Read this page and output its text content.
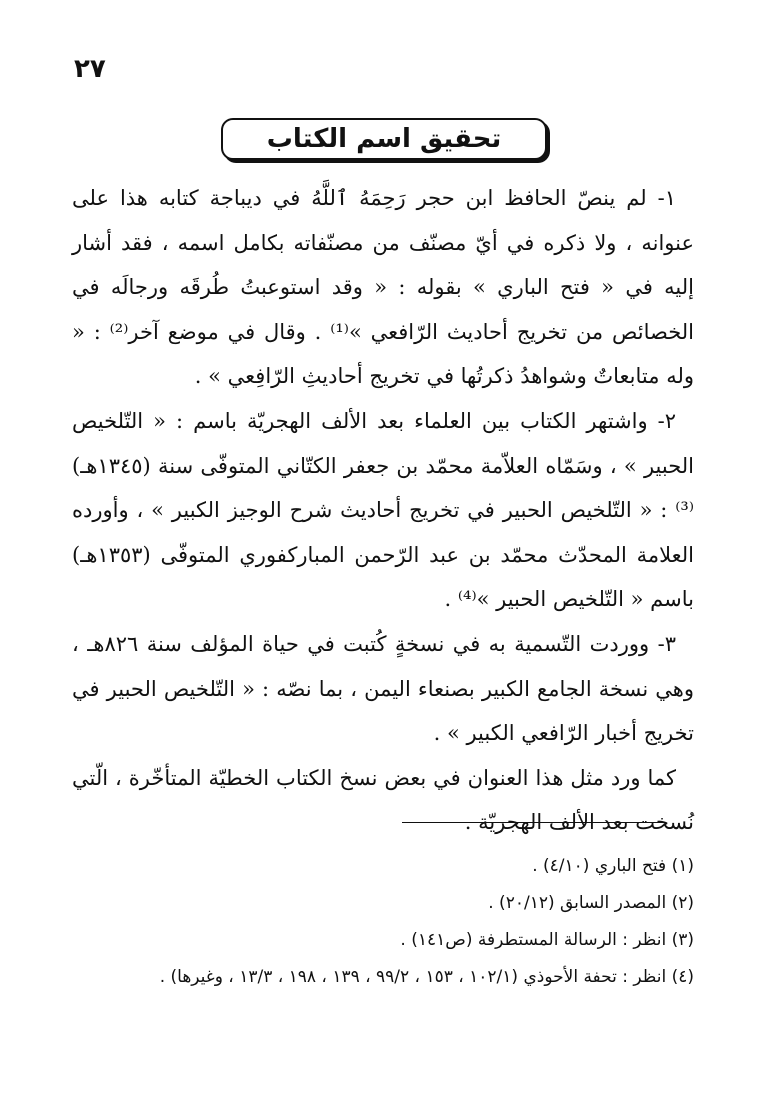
٢٧
تحقيق اسم الكتاب

١- لم ينصّ الحافظ ابن حجر رَحِمَهُ ٱللَّهُ في ديباجة كتابه هذا على عنوانه ، ولا ذكره في أيّ مصنّف من مصنّفاته بكامل اسمه ، فقد أشار إليه في « فتح الباري » بقوله : « وقد استوعبتُ طُرقَه ورجالَه في الخصائص من تخريج أحاديث الرّافعي »⁽¹⁾ . وقال في موضع آخر⁽²⁾ : « وله متابعاتٌ وشواهدُ ذكرتُها في تخريج أحاديثِ الرّافِعي » .

٢- واشتهر الكتاب بين العلماء بعد الألف الهجريّة باسم : « التّلخيص الحبير » ، وسَمّاه العلاّمة محمّد بن جعفر الكتّاني المتوفّى سنة (١٣٤٥هـ)⁽³⁾ : « التّلخيص الحبير في تخريج أحاديث شرح الوجيز الكبير » ، وأورده العلامة المحدّث محمّد بن عبد الرّحمن المباركفوري المتوفّى (١٣٥٣هـ) باسم « التّلخيص الحبير »⁽⁴⁾ .

٣- ووردت التّسمية به في نسخةٍ كُتبت في حياة المؤلف سنة ٨٢٦هـ ، وهي نسخة الجامع الكبير بصنعاء اليمن ، بما نصّه : « التّلخيص الحبير في تخريج أخبار الرّافعي الكبير » .

كما ورد مثل هذا العنوان في بعض نسخ الكتاب الخطيّة المتأخّرة ، الّتي نُسخت بعد الألف الهجريّة .

(١) فتح الباري (٤/١٠) .
(٢) المصدر السابق (٢٠/١٢) .
(٣) انظر : الرسالة المستطرفة (ص١٤١) .
(٤) انظر : تحفة الأحوذي (١٠٢/١ ، ١٥٣ ، ٩٩/٢ ، ١٣٩ ، ١٩٨ ، ١٣/٣ ، وغيرها) .
